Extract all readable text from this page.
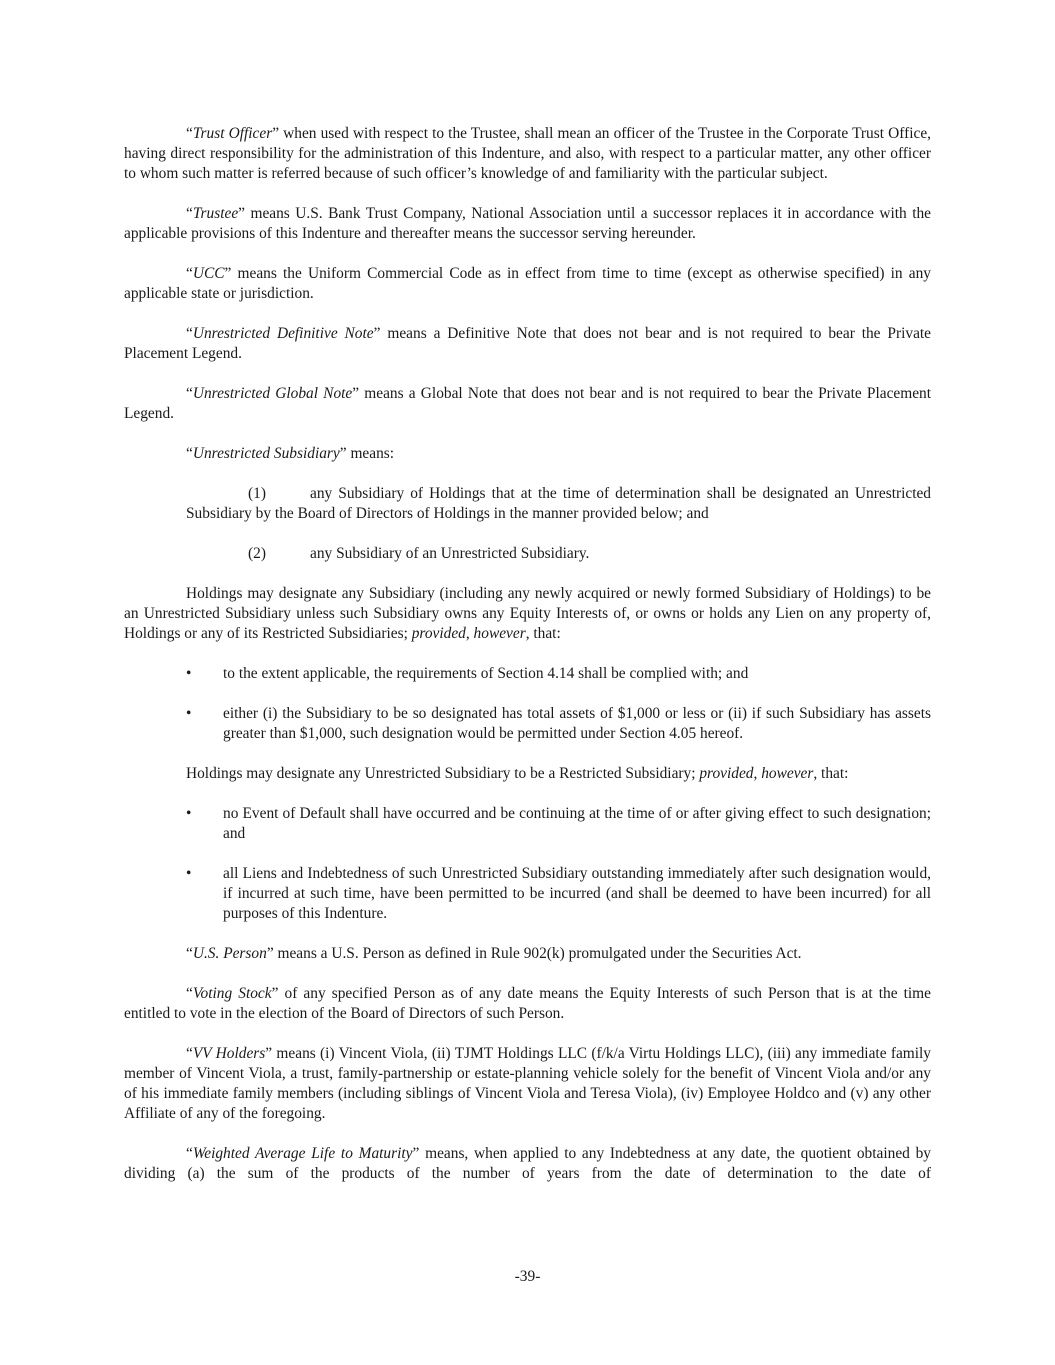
“Trust Officer” when used with respect to the Trustee, shall mean an officer of the Trustee in the Corporate Trust Office, having direct responsibility for the administration of this Indenture, and also, with respect to a particular matter, any other officer to whom such matter is referred because of such officer’s knowledge of and familiarity with the particular subject.

“Trustee” means U.S. Bank Trust Company, National Association until a successor replaces it in accordance with the applicable provisions of this Indenture and thereafter means the successor serving hereunder.

“UCC” means the Uniform Commercial Code as in effect from time to time (except as otherwise specified) in any applicable state or jurisdiction.

“Unrestricted Definitive Note” means a Definitive Note that does not bear and is not required to bear the Private Placement Legend.

“Unrestricted Global Note” means a Global Note that does not bear and is not required to bear the Private Placement Legend.

“Unrestricted Subsidiary” means:

(1)	any Subsidiary of Holdings that at the time of determination shall be designated an Unrestricted Subsidiary by the Board of Directors of Holdings in the manner provided below; and

(2)	any Subsidiary of an Unrestricted Subsidiary.

Holdings may designate any Subsidiary (including any newly acquired or newly formed Subsidiary of Holdings) to be an Unrestricted Subsidiary unless such Subsidiary owns any Equity Interests of, or owns or holds any Lien on any property of, Holdings or any of its Restricted Subsidiaries; provided, however, that:

•	to the extent applicable, the requirements of Section 4.14 shall be complied with; and
•	either (i) the Subsidiary to be so designated has total assets of $1,000 or less or (ii) if such Subsidiary has assets greater than $1,000, such designation would be permitted under Section 4.05 hereof.

Holdings may designate any Unrestricted Subsidiary to be a Restricted Subsidiary; provided, however, that:

•	no Event of Default shall have occurred and be continuing at the time of or after giving effect to such designation; and
•	all Liens and Indebtedness of such Unrestricted Subsidiary outstanding immediately after such designation would, if incurred at such time, have been permitted to be incurred (and shall be deemed to have been incurred) for all purposes of this Indenture.

“U.S. Person” means a U.S. Person as defined in Rule 902(k) promulgated under the Securities Act.

“Voting Stock” of any specified Person as of any date means the Equity Interests of such Person that is at the time entitled to vote in the election of the Board of Directors of such Person.

“VV Holders” means (i) Vincent Viola, (ii) TJMT Holdings LLC (f/k/a Virtu Holdings LLC), (iii) any immediate family member of Vincent Viola, a trust, family-partnership or estate-planning vehicle solely for the benefit of Vincent Viola and/or any of his immediate family members (including siblings of Vincent Viola and Teresa Viola), (iv) Employee Holdco and (v) any other Affiliate of any of the foregoing.

“Weighted Average Life to Maturity” means, when applied to any Indebtedness at any date, the quotient obtained by dividing (a) the sum of the products of the number of years from the date of determination to the date of

-39-
